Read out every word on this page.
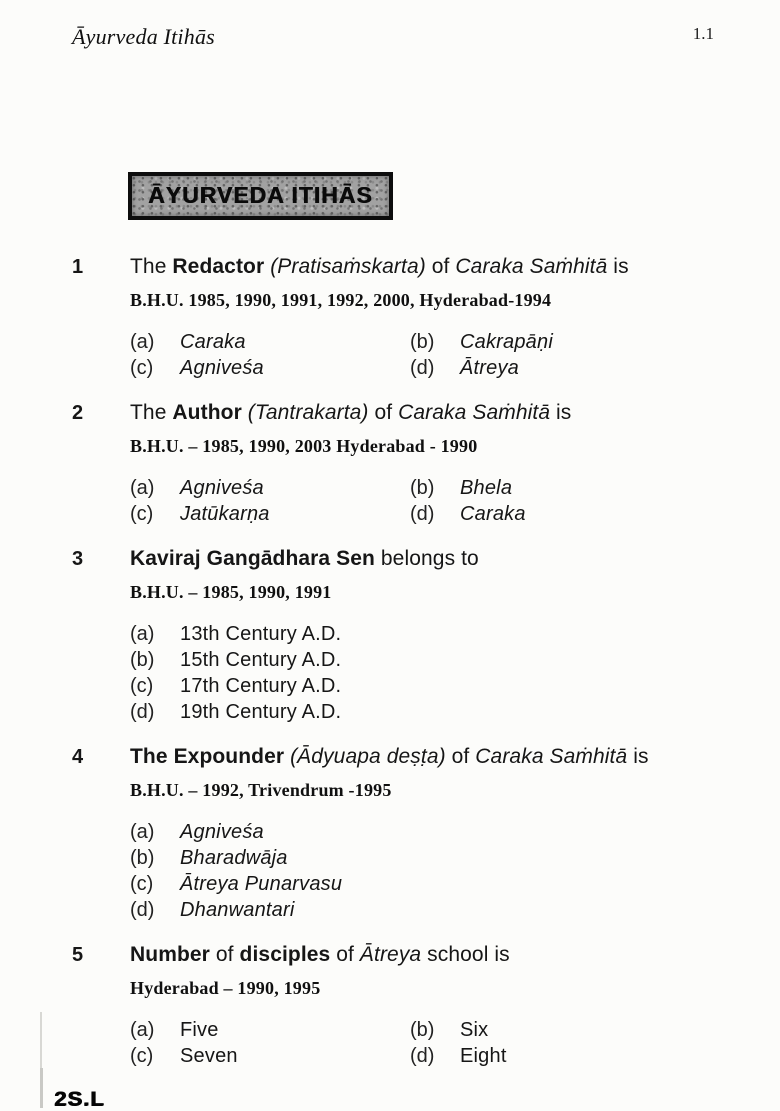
Āyurveda Itihās	1.1
ĀYURVEDA ITIHĀS
1	The Redactor (Pratisaṁskarta) of Caraka Saṁhitā is
B.H.U. 1985, 1990, 1991, 1992, 2000, Hyderabad-1994
(a)	Caraka	(b)	Cakrapāṇi
(c)	Agniveśa	(d)	Ātreya
2	The Author (Tantrakarta) of Caraka Saṁhitā is
B.H.U. – 1985, 1990, 2003 Hyderabad - 1990
(a)	Agniveśa	(b)	Bhela
(c)	Jatūkarṇa	(d)	Caraka
3	Kaviraj Gangādhara Sen belongs to
B.H.U. – 1985, 1990, 1991
(a)	13th Century A.D.
(b)	15th Century A.D.
(c)	17th Century A.D.
(d)	19th Century A.D.
4	The Expounder (Ādyuapa deṣṭa) of Caraka Saṁhitā is
B.H.U. – 1992, Trivendrum -1995
(a)	Agniveśa
(b)	Bharadwāja
(c)	Ātreya Punarvasu
(d)	Dhanwantari
5	Number of disciples of Ātreya school is
Hyderabad – 1990, 1995
(a)	Five	(b)	Six
(c)	Seven	(d)	Eight
2S.L
